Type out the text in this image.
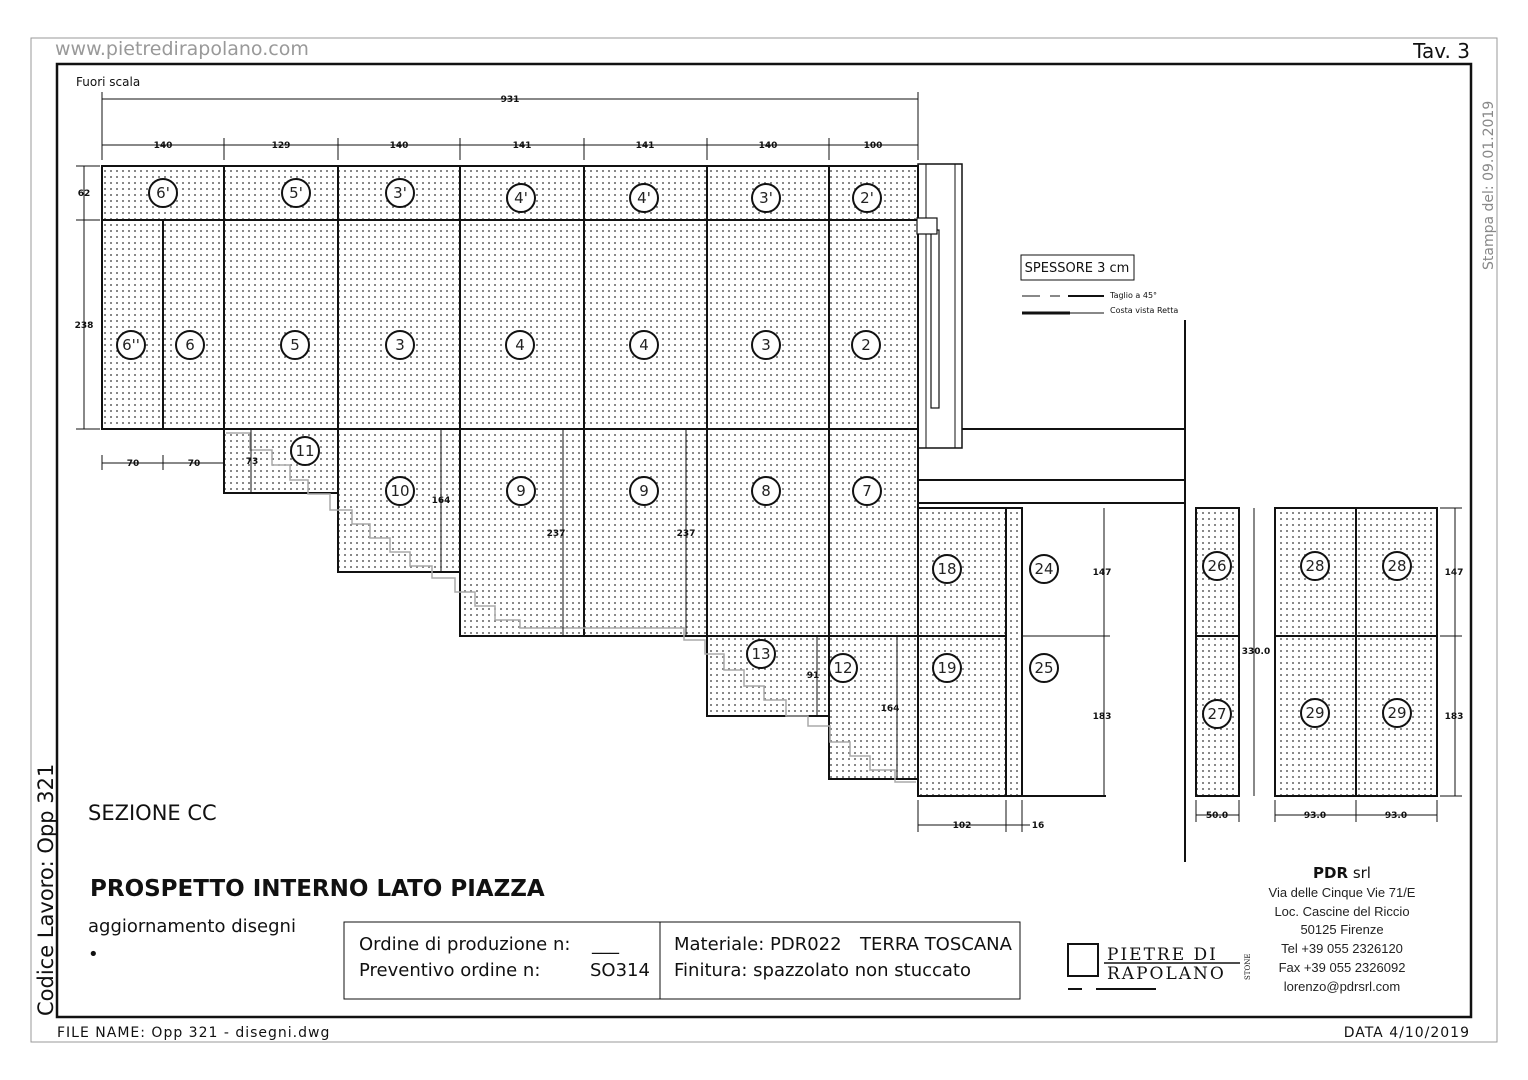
www.pietredirapolano.com	Tav. 3
Stampa del: 09.01.2019
Fuori scala
931
140	129	140	141	141	140	100
62
238
70	70	73
164
237	237
91
164
147
183
330.0
147
183
102	16
50.0	93.0	93.0
SPESSORE 3 cm
Taglio a 45°
Costa vista Retta
6'	5'	3'	4'	4'	3'	2'
6''	6	5	3	4	4	3	2
11
10	9	9	8	7
13
12
18
19
24
25
26
27
28	28
29	29
SEZIONE CC
Codice Lavoro: Opp 321 PROSPETTO INTERNO LATO PIAZZA
aggiornamento disegni
•	Ordine di produzione n: ___
Preventivo ordine n:	SO314
Materiale: PDR022 TERRA TOSCANA
Finitura: spazzolato non stuccato
PIETRE DI
RAPOLANO	STONE
PDR srl
Via delle Cinque Vie 71/E
Loc. Cascine del Riccio
50125 Firenze
Tel +39 055 2326120
Fax +39 055 2326092
lorenzo@pdrsrl.com
FILE NAME: Opp 321 - disegni.dwg	DATA 4/10/2019
